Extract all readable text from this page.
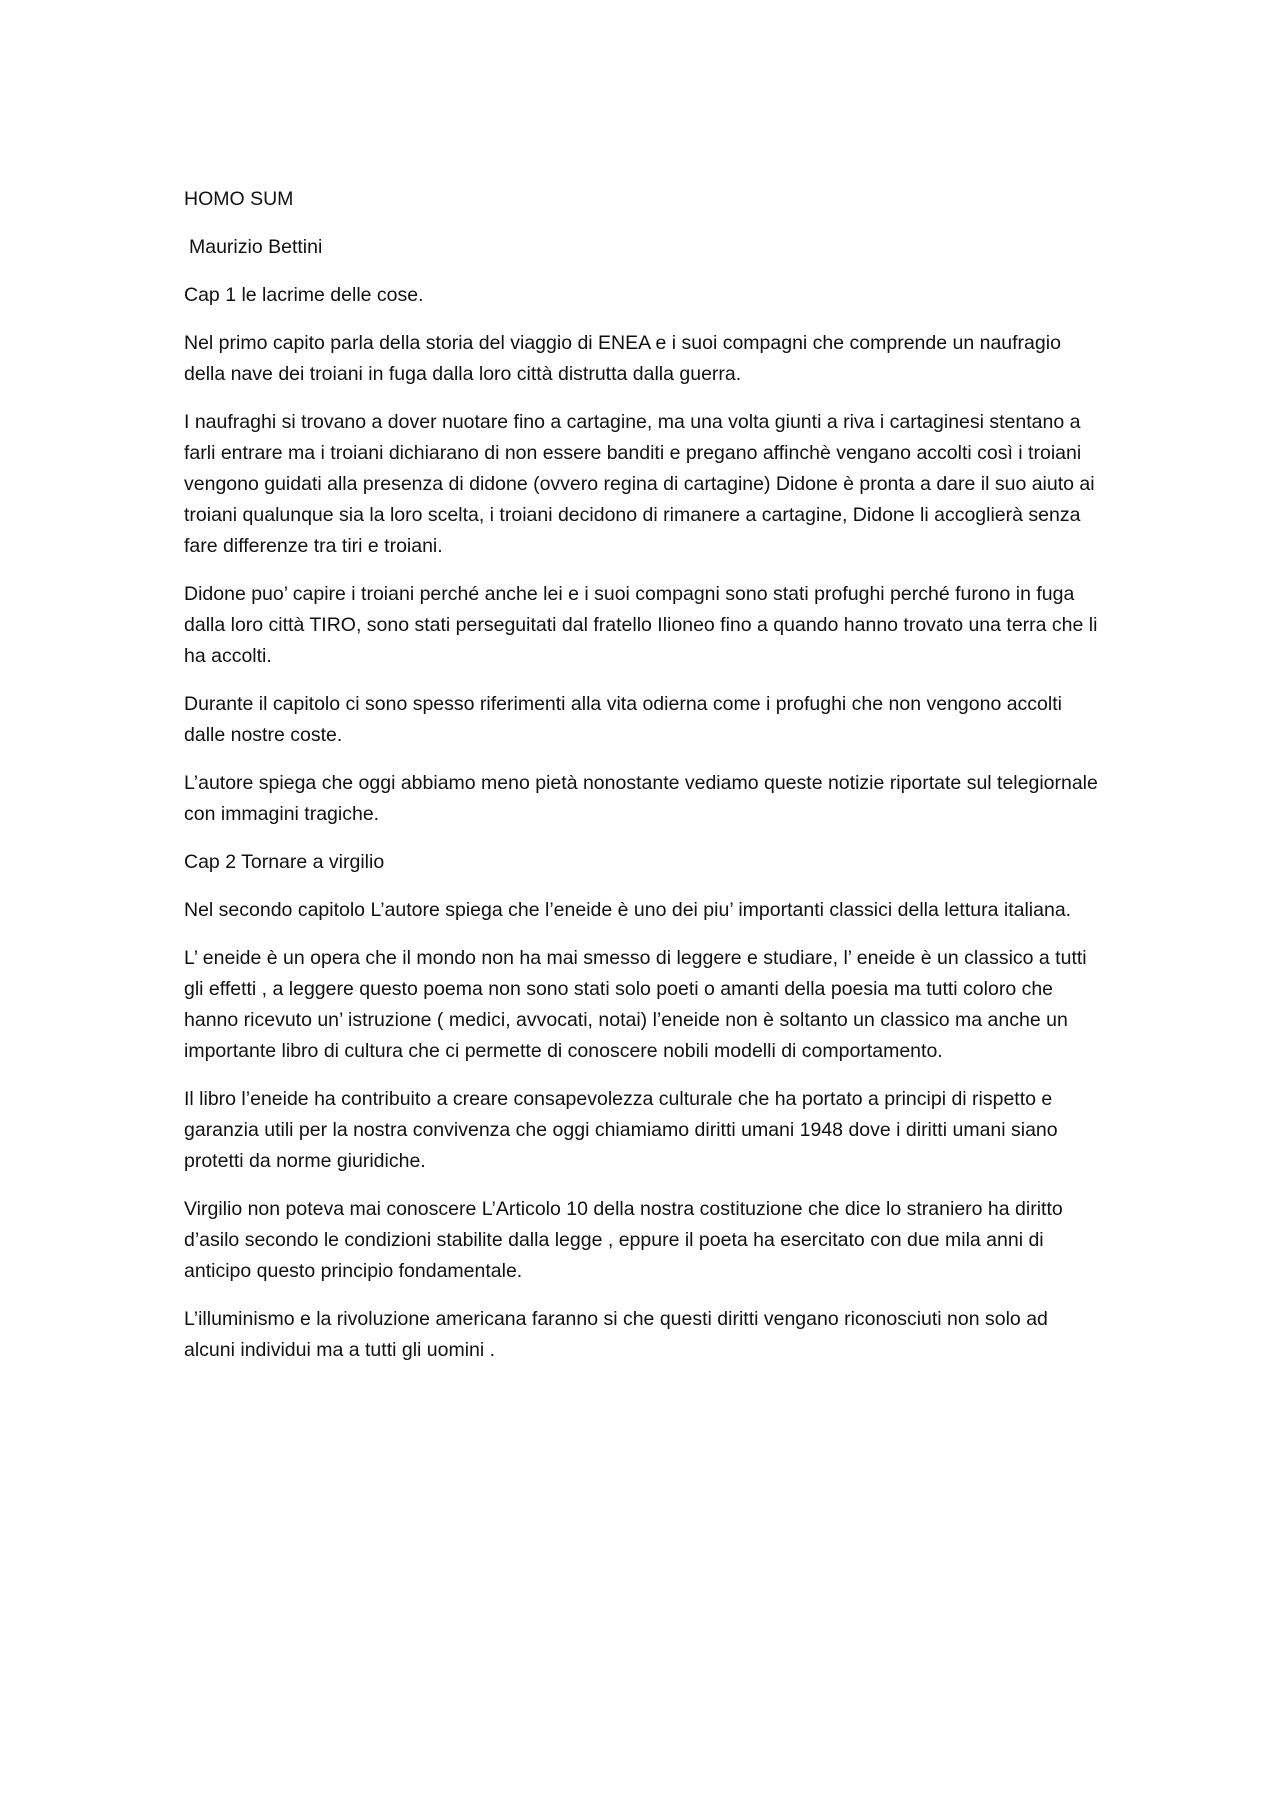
HOMO SUM

Maurizio Bettini

Cap 1 le lacrime delle cose.

Nel primo capito parla della storia del viaggio di ENEA e i suoi compagni che comprende un naufragio della nave dei troiani in fuga dalla loro città distrutta dalla guerra.

I naufraghi si trovano a dover nuotare fino a cartagine, ma una volta giunti a riva i cartaginesi stentano a farli entrare ma i troiani dichiarano di non essere banditi e pregano affinchè vengano accolti così i troiani vengono guidati alla presenza di didone (ovvero regina di cartagine) Didone è pronta a dare il suo aiuto ai troiani qualunque sia la loro scelta, i troiani decidono di rimanere a cartagine, Didone li accoglierà senza fare differenze tra tiri e troiani.

Didone puo’ capire i troiani perché anche lei e i suoi compagni sono stati profughi perché furono in fuga dalla loro città TIRO, sono stati perseguitati dal fratello Ilioneo fino a quando hanno trovato una terra che li ha accolti.

Durante il capitolo ci sono spesso riferimenti alla vita odierna come i profughi che non vengono accolti dalle nostre coste.

L’autore spiega che oggi abbiamo meno pietà nonostante vediamo queste notizie riportate sul telegiornale con immagini tragiche.

Cap 2 Tornare a virgilio

Nel secondo capitolo L’autore spiega che l’eneide è uno dei piu’ importanti classici della lettura italiana.

L’ eneide è un opera che il mondo non ha mai smesso di leggere e studiare, l’ eneide è un classico a tutti gli effetti , a leggere questo poema non sono stati solo poeti o amanti della poesia ma tutti coloro che hanno ricevuto un’ istruzione ( medici, avvocati, notai) l’eneide non è soltanto un classico ma anche un importante libro di cultura che ci permette di conoscere nobili modelli di comportamento.

Il libro l’eneide ha contribuito a creare consapevolezza culturale che ha portato a principi di rispetto e garanzia utili per la nostra convivenza che oggi chiamiamo diritti umani 1948 dove i diritti umani siano protetti da norme giuridiche.

Virgilio non poteva mai conoscere L’Articolo 10 della nostra costituzione che dice lo straniero ha diritto d’asilo secondo le condizioni stabilite dalla legge , eppure il poeta ha esercitato con due mila anni di anticipo questo principio fondamentale.

L’illuminismo e la rivoluzione americana faranno si che questi diritti vengano riconosciuti non solo ad alcuni individui ma a tutti gli uomini .
